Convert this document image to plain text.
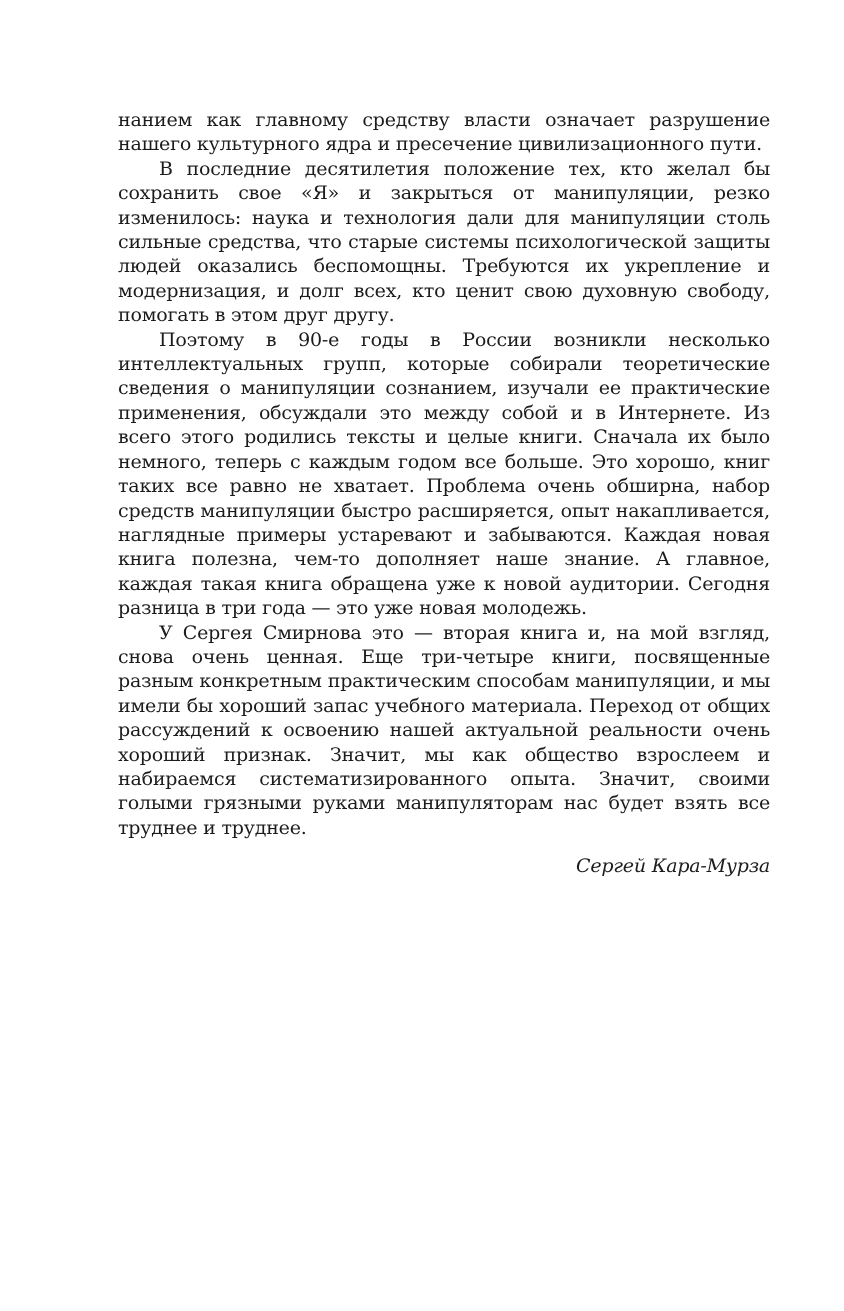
нанием как главному средству власти означает разрушение нашего культурного ядра и пресечение цивилизационного пути.

В последние десятилетия положение тех, кто желал бы сохранить свое «Я» и закрыться от манипуляции, резко изменилось: наука и технология дали для манипуляции столь сильные средства, что старые системы психологической защиты людей оказались беспомощны. Требуются их укрепление и модернизация, и долг всех, кто ценит свою духовную свободу, помогать в этом друг другу.

Поэтому в 90-е годы в России возникли несколько интеллектуальных групп, которые собирали теоретические сведения о манипуляции сознанием, изучали ее практические применения, обсуждали это между собой и в Интернете. Из всего этого родились тексты и целые книги. Сначала их было немного, теперь с каждым годом все больше. Это хорошо, книг таких все равно не хватает. Проблема очень обширна, набор средств манипуляции быстро расширяется, опыт накапливается, наглядные примеры устаревают и забываются. Каждая новая книга полезна, чем-то дополняет наше знание. А главное, каждая такая книга обращена уже к новой аудитории. Сегодня разница в три года — это уже новая молодежь.

У Сергея Смирнова это — вторая книга и, на мой взгляд, снова очень ценная. Еще три-четыре книги, посвященные разным конкретным практическим способам манипуляции, и мы имели бы хороший запас учебного материала. Переход от общих рассуждений к освоению нашей актуальной реальности очень хороший признак. Значит, мы как общество взрослеем и набираемся систематизированного опыта. Значит, своими голыми грязными руками манипуляторам нас будет взять все труднее и труднее.

Сергей Кара-Мурза
